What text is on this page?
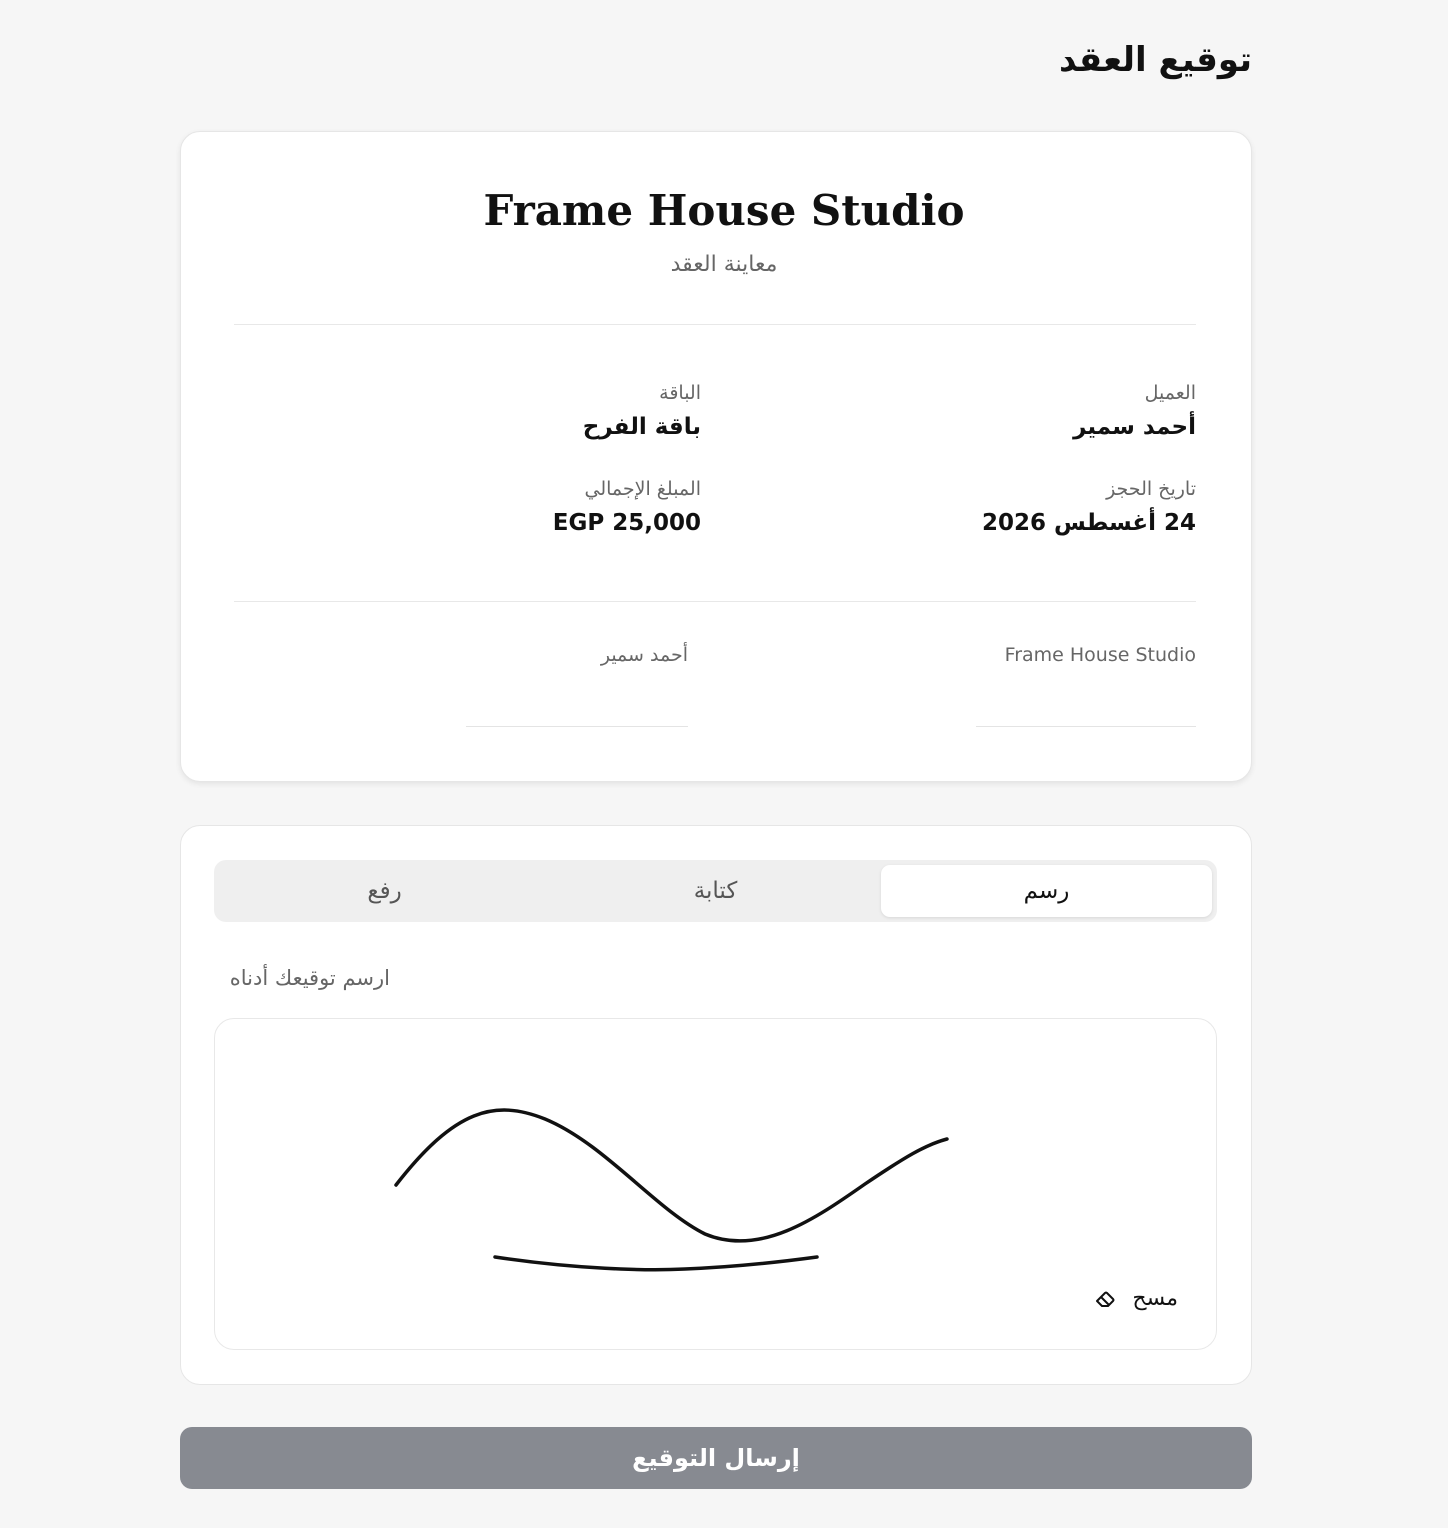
توقيع العقد
Frame House Studio
معاينة العقد
العميل
أحمد سمير
الباقة
باقة الفرح
تاريخ الحجز
24 أغسطس 2026
المبلغ الإجمالي
EGP 25,000
Frame House Studio
أحمد سمير
رسم
كتابة
رفع
ارسم توقيعك أدناه
مسح
إرسال التوقيع
